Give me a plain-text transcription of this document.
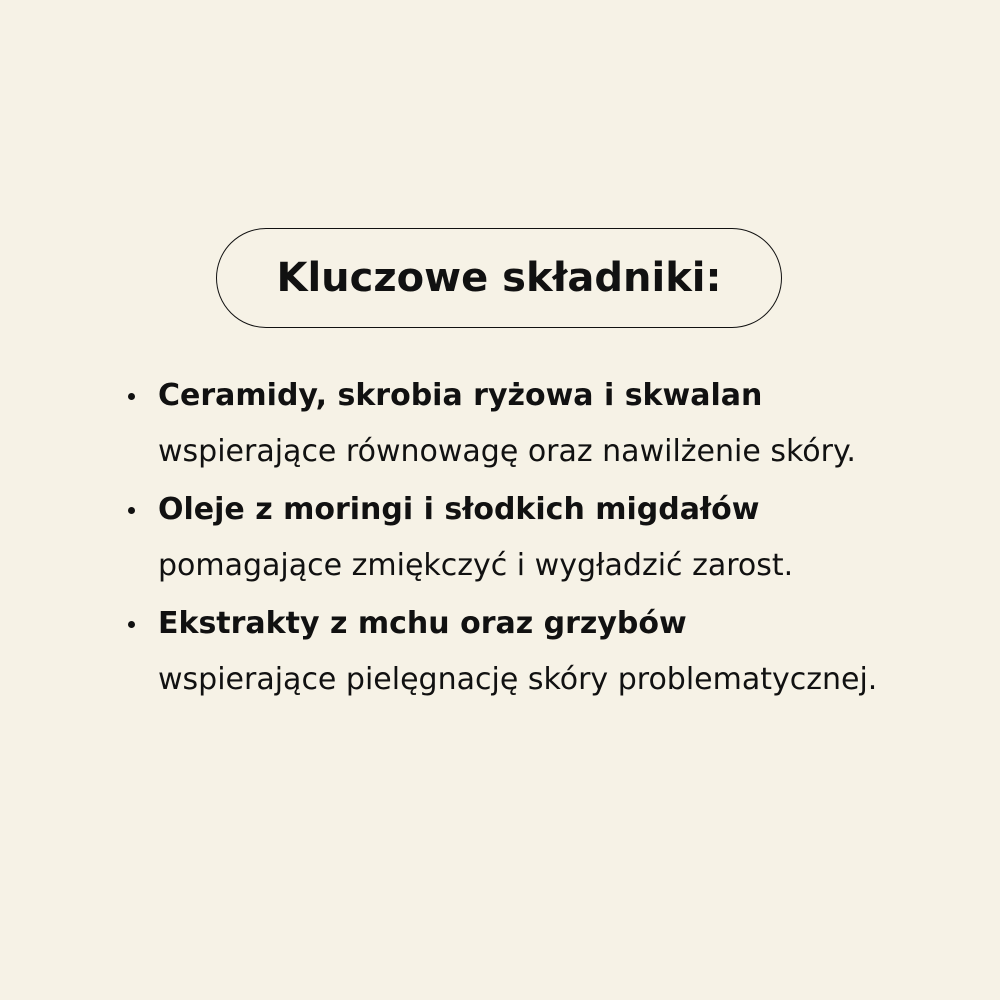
Kluczowe składniki:
Ceramidy, skrobia ryżowa i skwalan
wspierające równowagę oraz nawilżenie skóry.
Oleje z moringi i słodkich migdałów
pomagające zmiękczyć i wygładzić zarost.
Ekstrakty z mchu oraz grzybów
wspierające pielęgnację skóry problematycznej.
